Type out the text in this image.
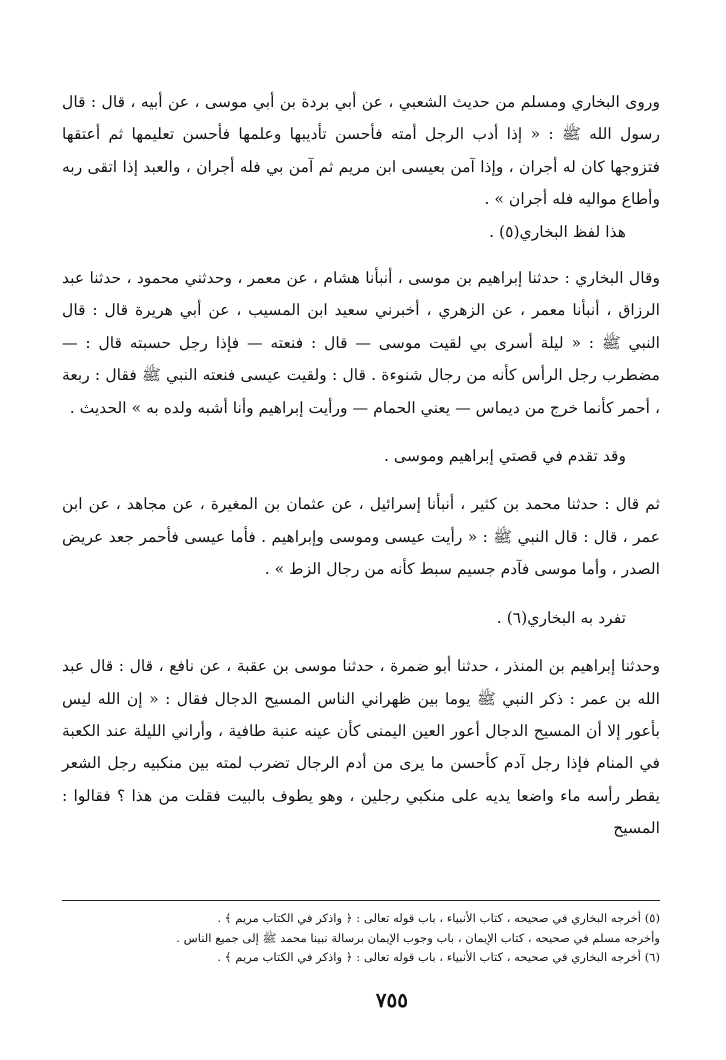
وروى البخاري ومسلم من حديث الشعبي ، عن أبي بردة بن أبي موسى ، عن أبيه ، قال : قال رسول الله ﷺ : « إذا أدب الرجل أمته فأحسن تأديبها وعلمها فأحسن تعليمها ثم أعتقها فتزوجها كان له أجران ، وإذا آمن بعيسى ابن مريم ثم آمن بي فله أجران ، والعبد إذا اتقى ربه وأطاع مواليه فله أجران » .

هذا لفظ البخاري(٥) .

وقال البخاري : حدثنا إبراهيم بن موسى ، أنبأنا هشام ، عن معمر ، وحدثني محمود ، حدثنا عبد الرزاق ، أنبأنا معمر ، عن الزهري ، أخبرني سعيد ابن المسيب ، عن أبي هريرة قال : قال النبي ﷺ : « ليلة أسرى بي لقيت موسى — قال : فنعته — فإذا رجل حسبته قال : — مضطرب رجل الرأس كأنه من رجال شنوءة . قال : ولقيت عيسى فنعته النبي ﷺ فقال : ربعة ، أحمر كأنما خرج من ديماس — يعني الحمام — ورأيت إبراهيم وأنا أشبه ولده به » الحديث .

وقد تقدم في قصتي إبراهيم وموسى .

ثم قال : حدثنا محمد بن كثير ، أنبأنا إسرائيل ، عن عثمان بن المغيرة ، عن مجاهد ، عن ابن عمر ، قال : قال النبي ﷺ : « رأيت عيسى وموسى وإبراهيم . فأما عيسى فأحمر جعد عريض الصدر ، وأما موسى فآدم جسيم سبط كأنه من رجال الزط » .

تفرد به البخاري(٦) .

وحدثنا إبراهيم بن المنذر ، حدثنا أبو ضمرة ، حدثنا موسى بن عقبة ، عن نافع ، قال : قال عبد الله بن عمر : ذكر النبي ﷺ يوما بين ظهراني الناس المسيح الدجال فقال : « إن الله ليس بأعور إلا أن المسيح الدجال أعور العين اليمنى كأن عينه عنبة طافية ، وأراني الليلة عند الكعبة في المنام فإذا رجل آدم كأحسن ما يرى من أدم الرجال تضرب لمته بين منكبيه رجل الشعر يقطر رأسه ماء واضعا يديه على منكبي رجلين ، وهو يطوف بالبيت فقلت من هذا ؟ فقالوا : المسيح

(٥) أخرجه البخاري في صحيحه ، كتاب الأنبياء ، باب قوله تعالى : ﴿ واذكر في الكتاب مريم ﴾ .

وأخرجه مسلم في صحيحه ، كتاب الإيمان ، باب وجوب الإيمان برسالة نبينا محمد ﷺ إلى جميع الناس .

(٦) أخرجه البخاري في صحيحه ، كتاب الأنبياء ، باب قوله تعالى : ﴿ واذكر في الكتاب مريم ﴾ .

٧٥٥
